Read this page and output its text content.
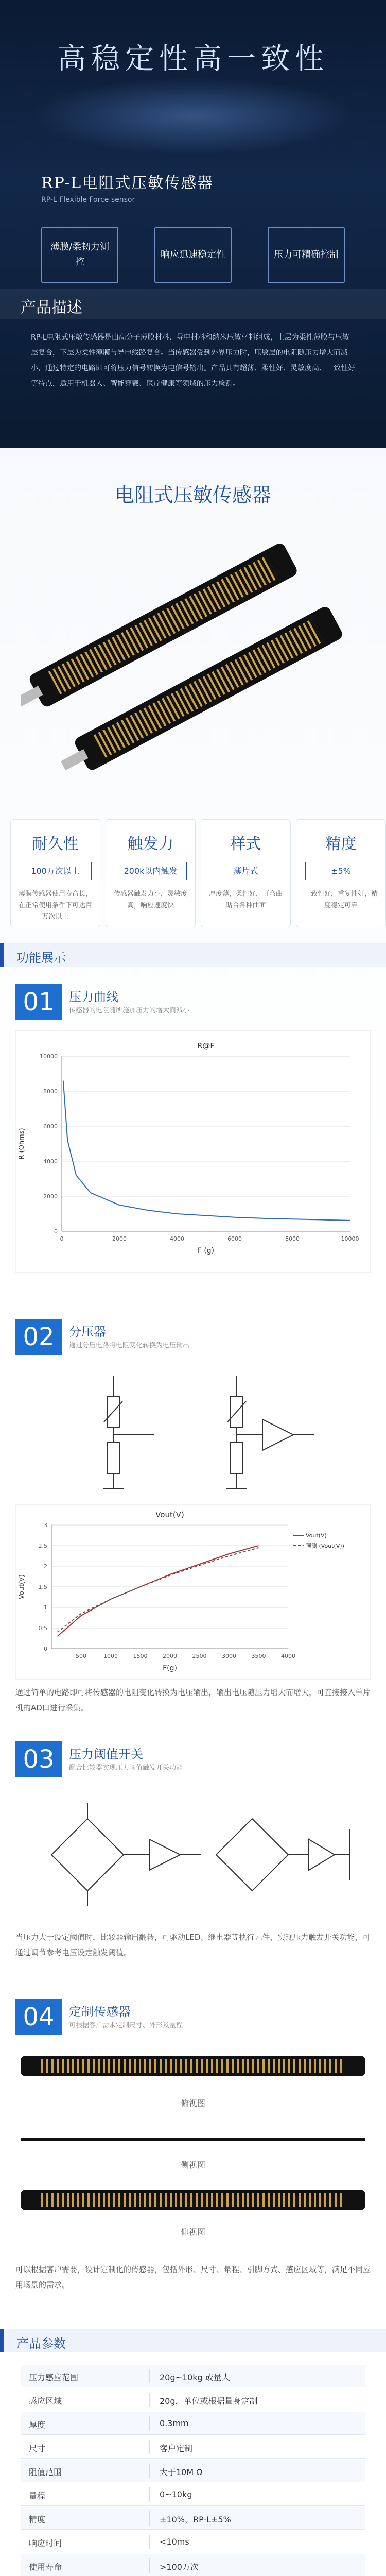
高稳定性高一致性
RP-L电阻式压敏传感器
RP-L Flexible Force sensor
薄膜/柔韧力测控
响应迅速稳定性	压力可精确控制
产品描述
RP-L电阻式压敏传感器是由高分子薄膜材料、导电材料和纳米压敏材料组成，上层为柔性薄膜与压敏层复合，下层为柔性薄膜与导电线路复合。当传感器受到外界压力时，压敏层的电阻随压力增大而减小，通过特定的电路即可将压力信号转换为电信号输出。产品具有超薄、柔性好、灵敏度高、一致性好等特点，适用于机器人、智能穿戴、医疗健康等领域的压力检测。
电阻式压敏传感器
耐久性
100万次以上
薄膜传感器使用寿命长，在正常使用条件下可达百万次以上
触发力
200k以内触发
传感器触发力小，灵敏度高，响应速度快
样式
薄片式
厚度薄，柔性好，可弯曲贴合各种曲面
精度
±5%
一致性好，重复性好，精度稳定可靠
功能展示
01	压力曲线
传感器的电阻随所施加压力的增大而减小
R@F
0
2000
4000
6000
8000
10000
0	2000	4000	6000	8000	10000
F (g)
R (Ohms)
02	分压器
通过分压电路将电阻变化转换为电压输出
Vout(V)
0
0.5
1
1.5
2
2.5
3
500	1000	1500	2000	2500	3000	3500	4000
F(g)
Vout(V)
Vout(V)
预测 (Vout(V))
通过简单的电路即可将传感器的电阻变化转换为电压输出，输出电压随压力增大而增大，可直接接入单片机的AD口进行采集。
03	压力阈值开关
配合比较器实现压力阈值触发开关功能
当压力大于设定阈值时，比较器输出翻转，可驱动LED、继电器等执行元件，实现压力触发开关功能，可通过调节参考电压设定触发阈值。
04	定制传感器
可根据客户需求定制尺寸、外形及量程
俯视图
侧视图
仰视图
可以根据客户需要，设计定制化的传感器，包括外形、尺寸、量程、引脚方式、感应区域等，满足不同应用场景的需求。
产品参数
压力感应范围	20g~10kg 或量大
感应区域	20g，单位或根据量身定制
厚度	0.3mm
尺寸	客户定制
阻值范围	大于10M Ω
量程	0~10kg
精度	±10%，RP-L±5%
响应时间	<10ms
使用寿命	>100万次
